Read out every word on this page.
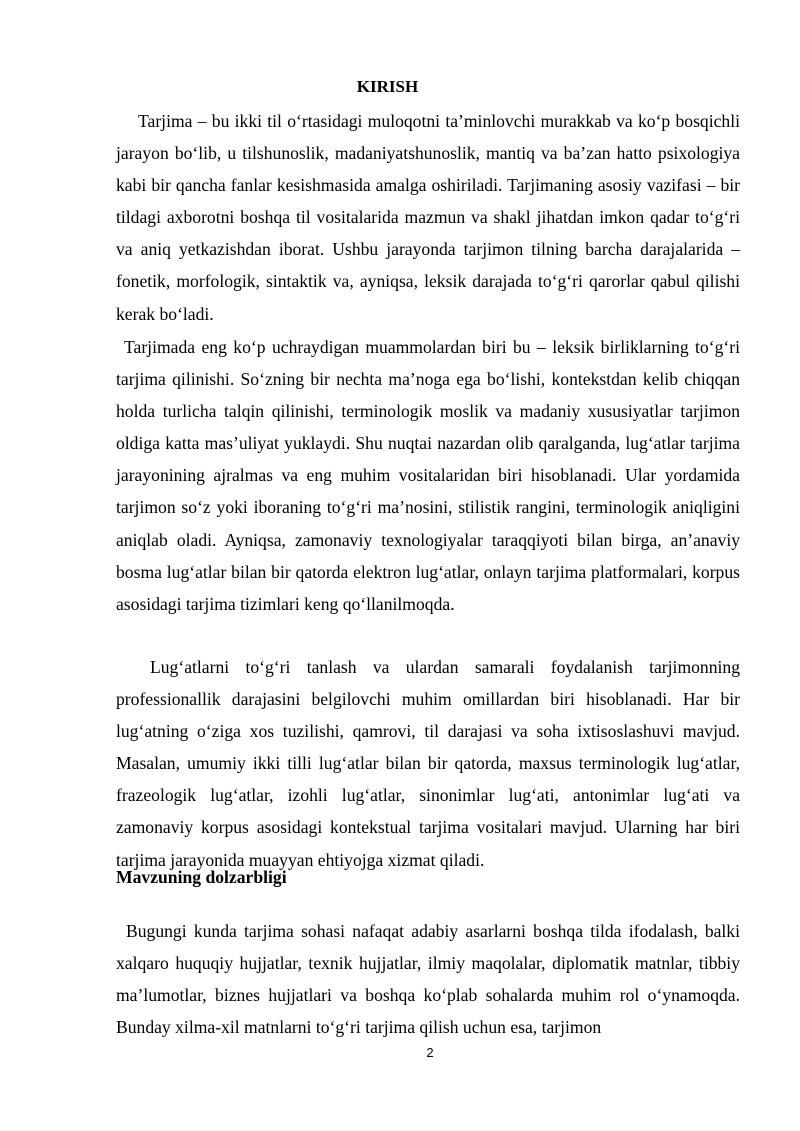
KIRISH

Tarjima – bu ikki til o‘rtasidagi muloqotni ta’minlovchi murakkab va ko‘p bosqichli jarayon bo‘lib, u tilshunoslik, madaniyatshunoslik, mantiq va ba’zan hatto psixologiya kabi bir qancha fanlar kesishmasida amalga oshiriladi. Tarjimaning asosiy vazifasi – bir tildagi axborotni boshqa til vositalarida mazmun va shakl jihatdan imkon qadar to‘g‘ri va aniq yetkazishdan iborat. Ushbu jarayonda tarjimon tilning barcha darajalarida – fonetik, morfologik, sintaktik va, ayniqsa, leksik darajada to‘g‘ri qarorlar qabul qilishi kerak bo‘ladi.

Tarjimada eng ko‘p uchraydigan muammolardan biri bu – leksik birliklarning to‘g‘ri tarjima qilinishi. So‘zning bir nechta ma’noga ega bo‘lishi, kontekstdan kelib chiqqan holda turlicha talqin qilinishi, terminologik moslik va madaniy xususiyatlar tarjimon oldiga katta mas’uliyat yuklaydi. Shu nuqtai nazardan olib qaralganda, lug‘atlar tarjima jarayonining ajralmas va eng muhim vositalaridan biri hisoblanadi. Ular yordamida tarjimon so‘z yoki iboraning to‘g‘ri ma’nosini, stilistik rangini, terminologik aniqligini aniqlab oladi. Ayniqsa, zamonaviy texnologiyalar taraqqiyoti bilan birga, an’anaviy bosma lug‘atlar bilan bir qatorda elektron lug‘atlar, onlayn tarjima platformalari, korpus asosidagi tarjima tizimlari keng qo‘llanilmoqda.

Lug‘atlarni to‘g‘ri tanlash va ulardan samarali foydalanish tarjimonning professionallik darajasini belgilovchi muhim omillardan biri hisoblanadi. Har bir lug‘atning o‘ziga xos tuzilishi, qamrovi, til darajasi va soha ixtisoslashuvi mavjud. Masalan, umumiy ikki tilli lug‘atlar bilan bir qatorda, maxsus terminologik lug‘atlar, frazeologik lug‘atlar, izohli lug‘atlar, sinonimlar lug‘ati, antonimlar lug‘ati va zamonaviy korpus asosidagi kontekstual tarjima vositalari mavjud. Ularning har biri tarjima jarayonida muayyan ehtiyojga xizmat qiladi.

Mavzuning dolzarbligi

Bugungi kunda tarjima sohasi nafaqat adabiy asarlarni boshqa tilda ifodalash, balki xalqaro huquqiy hujjatlar, texnik hujjatlar, ilmiy maqolalar, diplomatik matnlar, tibbiy ma’lumotlar, biznes hujjatlari va boshqa ko‘plab sohalarda muhim rol o‘ynamoqda. Bunday xilma-xil matnlarni to‘g‘ri tarjima qilish uchun esa, tarjimon

2
